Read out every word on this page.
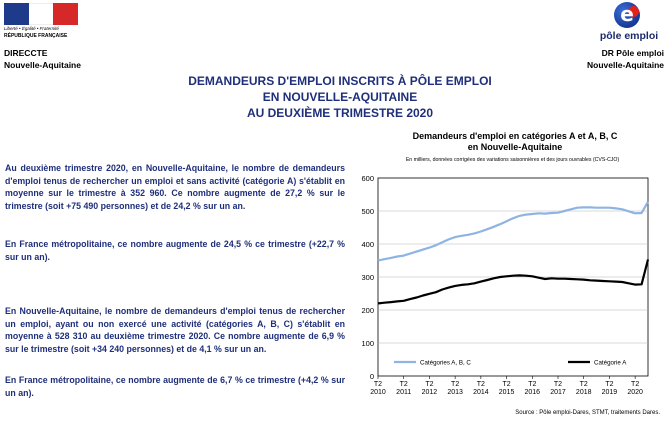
Liberté • Égalité • Fraternité
RÉPUBLIQUE FRANÇAISE
DIRECCTE
Nouvelle-Aquitaine
e
pôle emploi
DR Pôle emploi
Nouvelle-Aquitaine
DEMANDEURS D'EMPLOI INSCRITS À PÔLE EMPLOI
EN NOUVELLE-AQUITAINE
AU DEUXIÈME TRIMESTRE 2020
Au deuxième trimestre 2020, en Nouvelle-Aquitaine, le nombre de demandeurs d'emploi tenus de rechercher un emploi et sans activité (catégorie A) s'établit en moyenne sur le trimestre à 352 960. Ce nombre augmente de 27,2 % sur le trimestre (soit +75 490 personnes) et de 24,2 % sur un an.
En France métropolitaine, ce nombre augmente de 24,5 % ce trimestre (+22,7 % sur un an).
En Nouvelle-Aquitaine, le nombre de demandeurs d'emploi tenus de rechercher un emploi, ayant ou non exercé une activité (catégories A, B, C) s'établit en moyenne à 528 310 au deuxième trimestre 2020. Ce nombre augmente de 6,9 % sur le trimestre (soit +34 240 personnes) et de 4,1 % sur un an.
En France métropolitaine, ce nombre augmente de 6,7 % ce trimestre (+4,2 % sur un an).
Demandeurs d'emploi en catégories A et A, B, C
en Nouvelle-Aquitaine
En milliers, données corrigées des variations saisonnières et des jours ouvrables (CVS-CJO)
0
100
200
300
400
500
600
T2
2010
T2
2011
T2
2012
T2
2013
T2
2014
T2
2015
T2
2016
T2
2017
T2
2018
T2
2019
T2
2020
Catégories A, B, C	Catégorie A
Source : Pôle emploi-Dares, STMT, traitements Dares.
